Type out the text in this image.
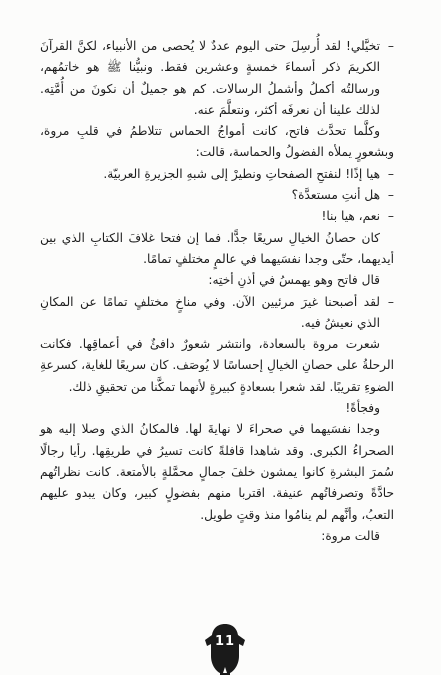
–
تخيَّلي! لقد أُرسِلَ حتى اليوم عددٌ لا يُحصى من الأنبياء، لكنَّ القرآنَ الكريمَ ذكر أسماءَ خمسةٍ وعشرين فقط. ونبيُّنا ﷺ هو خاتمُهم، ورسالتُه أكملُ وأشملُ الرسالات. كم هو جميلٌ أن نكونَ من أُمَّتِه. لذلك علينا أن نعرفَه أكثر، ونتعلَّمَ عنه.

وكلَّما تحدَّث فاتح، كانت أمواجُ الحماس تتلاطمُ في قلبِ مروة، وبشعورٍ يملأه الفضولُ والحماسة، قالت:

–
هيا إذًا! لنفتحِ الصفحاتِ ونطيرْ إلى شبهِ الجزيرةِ العربيّة.

–
هل أنتِ مستعدَّة؟

–
نعم، هيا بنا!

كان حصانُ الخيالِ سريعًا جدًّا. فما إن فتحا غلافَ الكتابِ الذي بين أيديهما، حتّى وجدا نفسَيهما في عالمٍ مختلفٍ تمامًا.

قال فاتح وهو يهمسُ في أذنِ أختِه:

–
لقد أصبحنا غيرَ مرئيين الآن. وفي مناخٍ مختلفٍ تمامًا عن المكانِ الذي نعيشُ فيه.

شعرت مروة بالسعادة، وانتشر شعورٌ دافئٌ في أعماقِها. فكانت الرحلةُ على حصانِ الخيالِ إحساسًا لا يُوصَف. كان سريعًا للغاية، كسرعةِ الضوءِ تقريبًا. لقد شعرا بسعادةٍ كبيرةٍ لأنهما تمكَّنا من تحقيقِ ذلك.

وفجأةً!

وجدا نفسَيهما في صحراءَ لا نهايةَ لها. فالمكانُ الذي وصلا إليه هو الصحراءُ الكبرى. وقد شاهدا قافلةً كانت تسيرُ في طريقِها. رأيا رجالًا سُمرَ البشرةِ كانوا يمشون خلفَ جمالٍ محمَّلةٍ بالأمتعة. كانت نظراتُهم حادَّةً وتصرفاتُهم عنيفة. اقتربا منهم بفضولٍ كبير، وكان يبدو عليهم التعبُ، وأنَّهم لم ينامُوا منذ وقتٍ طويل.

قالت مروة:

11
